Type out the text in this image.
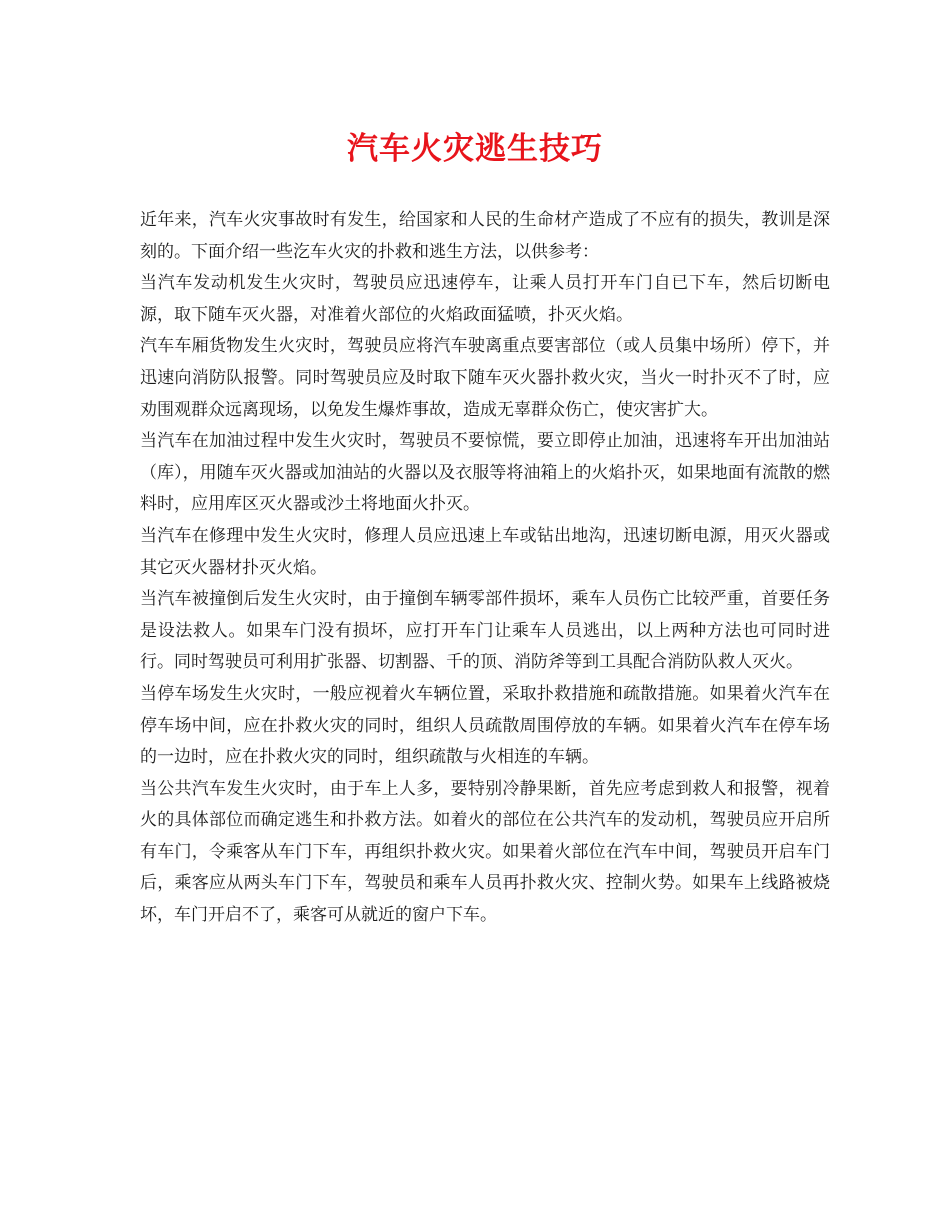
汽车火灾逃生技巧

近年来，汽车火灾事故时有发生，给国家和人民的生命材产造成了不应有的损失，教训是深刻的。下面介绍一些汔车火灾的扑救和逃生方法，以供参考：

当汽车发动机发生火灾时，驾驶员应迅速停车，让乘人员打开车门自已下车，然后切断电源，取下随车灭火器，对准着火部位的火焰政面猛喷，扑灭火焰。

汽车车厢货物发生火灾时，驾驶员应将汽车驶离重点要害部位（或人员集中场所）停下，并迅速向消防队报警。同时驾驶员应及时取下随车灭火器扑救火灾，当火一时扑灭不了时，应劝围观群众远离现场，以免发生爆炸事故，造成无辜群众伤亡，使灾害扩大。

当汽车在加油过程中发生火灾时，驾驶员不要惊慌，要立即停止加油，迅速将车开出加油站（库），用随车灭火器或加油站的火器以及衣服等将油箱上的火焰扑灭，如果地面有流散的燃料时，应用库区灭火器或沙土将地面火扑灭。

当汽车在修理中发生火灾时，修理人员应迅速上车或钻出地沟，迅速切断电源，用灭火器或其它灭火器材扑灭火焰。

当汽车被撞倒后发生火灾时，由于撞倒车辆零部件损坏，乘车人员伤亡比较严重，首要任务是设法救人。如果车门没有损坏，应打开车门让乘车人员逃出，以上两种方法也可同时进行。同时驾驶员可利用扩张器、切割器、千的顶、消防斧等到工具配合消防队救人灭火。

当停车场发生火灾时，一般应视着火车辆位置，采取扑救措施和疏散措施。如果着火汽车在停车场中间，应在扑救火灾的同时，组织人员疏散周围停放的车辆。如果着火汽车在停车场的一边时，应在扑救火灾的同时，组织疏散与火相连的车辆。

当公共汽车发生火灾时，由于车上人多，要特别冷静果断，首先应考虑到救人和报警，视着火的具体部位而确定逃生和扑救方法。如着火的部位在公共汽车的发动机，驾驶员应开启所有车门，令乘客从车门下车，再组织扑救火灾。如果着火部位在汽车中间，驾驶员开启车门后，乘客应从两头车门下车，驾驶员和乘车人员再扑救火灾、控制火势。如果车上线路被烧坏，车门开启不了，乘客可从就近的窗户下车。
